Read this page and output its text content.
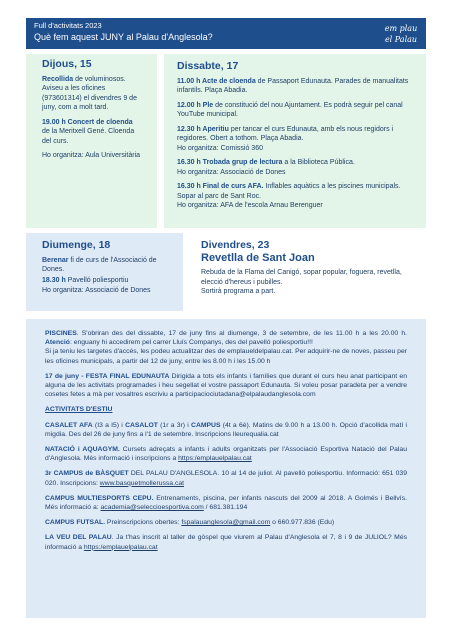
Full d'activitats 2023
Què fem aquest JUNY al Palau d'Anglesola?
em plau
el Palau
Dijous, 15

Recollida de voluminosos. Aviseu a les oficines (973601314) el divendres 9 de juny, com a molt tard.

19.00 h Concert de cloenda de la Meritxell Gené. Cloenda del curs.

Ho organitza: Aula Universitària

Dissabte, 17

11.00 h Acte de cloenda de Passaport Edunauta. Parades de manualitats infantils. Plaça Abadia.

12.00 h Ple de constitució del nou Ajuntament. Es podrà seguir pel canal YouTube municipal.

12.30 h Aperitiu per tancar el curs Edunauta, amb els nous regidors i regidores. Obert a tothom. Plaça Abadia.
Ho organitza: Comissió 360

16.30 h Trobada grup de lectura a la Biblioteca Pública.
Ho organitza: Associació de Dones

16.30 h Final de curs AFA. Inflables aquàtics a les piscines municipals. Sopar al parc de Sant Roc.
Ho organitza: AFA de l'escola Arnau Berenguer

Diumenge, 18

Berenar fi de curs de l'Associació de Dones.

18.30 h Pavelló poliesportiu

Ho organitza: Associació de Dones

Divendres, 23
Revetlla de Sant Joan

Rebuda de la Flama del Canigó, sopar popular, foguera, revetlla, elecció d'hereus i pubilles.

Sortirà programa a part.

PISCINES. S'obriran des del dissabte, 17 de juny fins al diumenge, 3 de setembre, de les 11.00 h a les 20.00 h. Atenció: enguany hi accedirem pel carrer Lluís Companys, des del pavelló poliesportiu!!!
Si ja teniu les targetes d'accés, les podeu actualitzar des de emplaueldelpalau.cat. Per adquirir-ne de noves, passeu per les oficines municipals, a partir del 12 de juny, entre les 8.00 h i les 15.00 h

17 de juny - FESTA FINAL EDUNAUTA Dirigida a tots els infants i famílies que durant el curs heu anat participant en alguna de les activitats programades i heu segellat el vostre passaport Edunauta. Si voleu posar paradeta per a vendre cosetes fetes a mà per vosaltres escriviu a participaciociutadana@elpalaudanglesola.com

ACTIVITATS D'ESTIU

CASALET AFA (I3 a I5) i CASALOT (1r a 3r) i CAMPUS (4t a 6è). Matins de 9.00 h a 13.00 h. Opció d'acollida matí i migdia. Des del 26 de juny fins a l'1 de setembre. Inscripcions lleurequalia.cat

NATACIÓ i AQUAGYM. Cursets adreçats a infants i adults organitzats per l'Associació Esportiva Natació del Palau d'Anglesola. Més informació i inscripcions a https:/emplauelpalau.cat

3r CAMPUS de BÀSQUET DEL PALAU D'ANGLESOLA. 10 al 14 de juliol. Al pavelló poliesportiu. Informació: 651 039 020. Inscripcions: www.basquetmollerussa.cat

CAMPUS MULTIESPORTS CEPU. Entrenaments, piscina, per infants nascuts del 2009 al 2018. A Golmés i Bellvís. Més informació a: academia@seleccioesportiva.com / 681.381.194

CAMPUS FUTSAL. Preinscripcions obertes: fspalauanglesola@gmail.com o 660.977.836 (Edu)

LA VEU DEL PALAU. Ja t'has inscrit al taller de gòspel que viurem al Palau d'Anglesola el 7, 8 i 9 de JULIOL? Més informació a https:/emplauelpalau.cat
